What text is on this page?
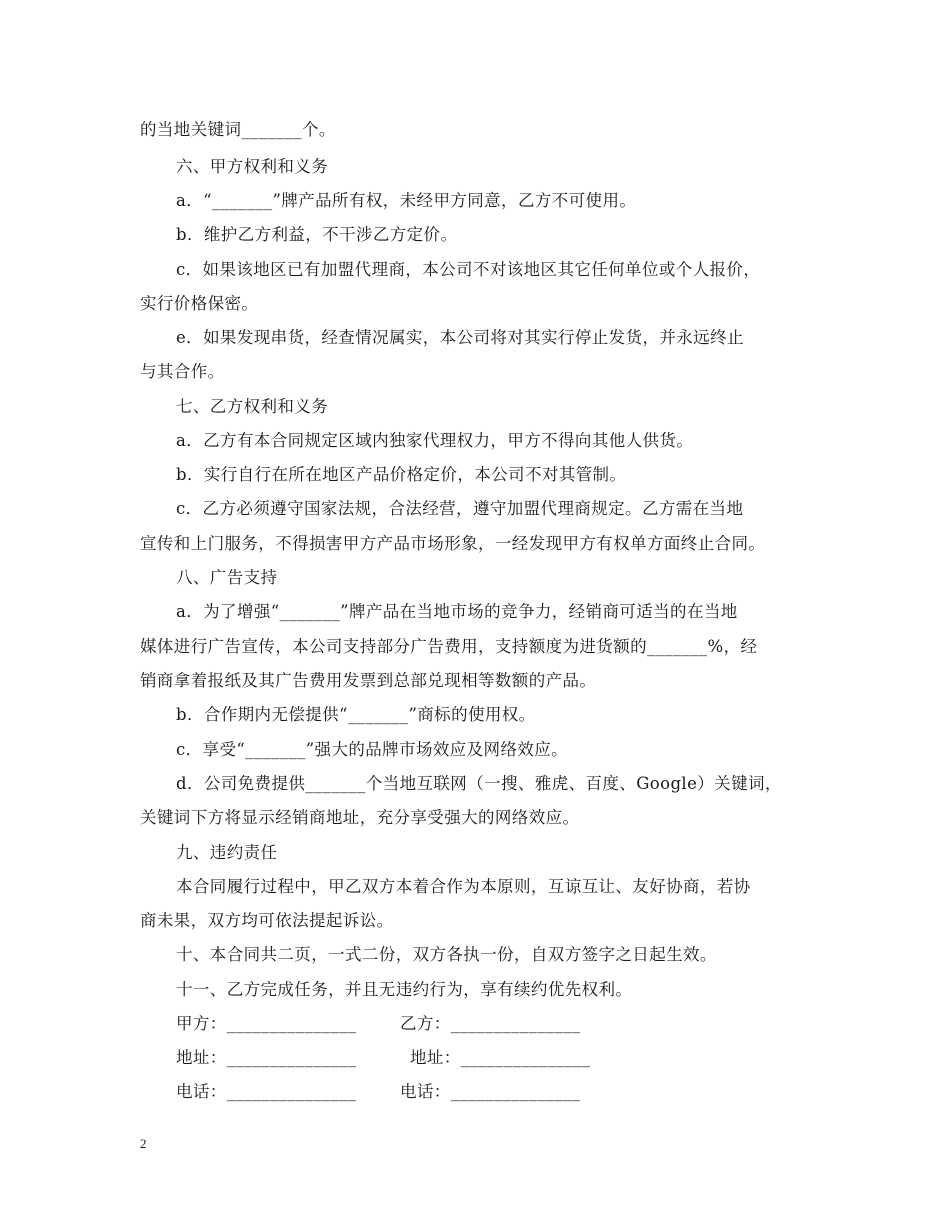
的当地关键词_______个。
六、甲方权利和义务
a．“_______”牌产品所有权，未经甲方同意，乙方不可使用。
b．维护乙方利益，不干涉乙方定价。
c．如果该地区已有加盟代理商，本公司不对该地区其它任何单位或个人报价，
实行价格保密。
e．如果发现串货，经查情况属实，本公司将对其实行停止发货，并永远终止
与其合作。
七、乙方权利和义务
a．乙方有本合同规定区域内独家代理权力，甲方不得向其他人供货。
b．实行自行在所在地区产品价格定价，本公司不对其管制。
c．乙方必须遵守国家法规，合法经营，遵守加盟代理商规定。乙方需在当地
宣传和上门服务，不得损害甲方产品市场形象，一经发现甲方有权单方面终止合同。
八、广告支持
a．为了增强“_______”牌产品在当地市场的竞争力，经销商可适当的在当地
媒体进行广告宣传，本公司支持部分广告费用，支持额度为进货额的_______%，经
销商拿着报纸及其广告费用发票到总部兑现相等数额的产品。
b．合作期内无偿提供“_______”商标的使用权。
c．享受“_______”强大的品牌市场效应及网络效应。
d．公司免费提供_______个当地互联网（一搜、雅虎、百度、Google）关键词，
关键词下方将显示经销商地址，充分享受强大的网络效应。
九、违约责任
本合同履行过程中，甲乙双方本着合作为本原则，互谅互让、友好协商，若协
商未果，双方均可依法提起诉讼。
十、本合同共二页，一式二份，双方各执一份，自双方签字之日起生效。
十一、乙方完成任务，并且无违约行为，享有续约优先权利。
甲方：_______________	乙方：_______________
地址：_______________	地址：_______________
电话：_______________	电话：_______________
2
